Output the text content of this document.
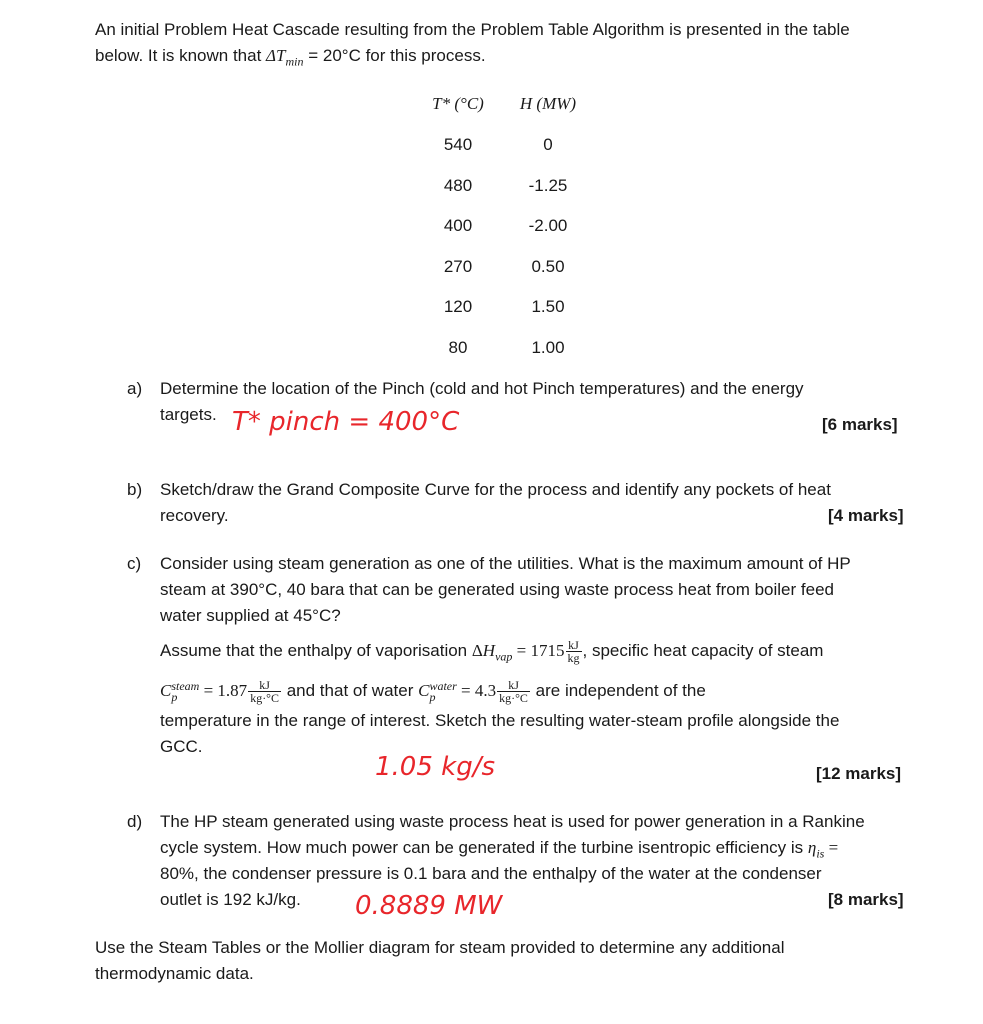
An initial Problem Heat Cascade resulting from the Problem Table Algorithm is presented in the table
below. It is known that $\Delta T_{min} = 20^\circ C$ for this process.
T* (°C)	H (MW)
540	0
480	-1.25
400	-2.00
270	0.50
120	1.50
80	1.00
a) Determine the location of the Pinch (cold and hot Pinch temperatures) and the energy
targets. T* pinch = 400°C	[6 marks]
b) Sketch/draw the Grand Composite Curve for the process and identify any pockets of heat
recovery.	[4 marks]
c) Consider using steam generation as one of the utilities. What is the maximum amount of HP
steam at 390°C, 40 bara that can be generated using waste process heat from boiler feed
water supplied at 45°C?
Assume that the enthalpy of vaporisation $\Delta H_{vap} = 1715 \frac{kJ}{kg}$ , specific heat capacity of steam
C steam
p	= $1.87 \frac{kJ}{kg\cdot^\circ C}$ and that of water C water
p	= $4.3 \frac{kJ}{kg\cdot^\circ C}$ are independent of the
temperature in the range of interest. Sketch the resulting water-steam profile alongside the
GCC.
1.05 kg/s	[12 marks]
d) The HP steam generated using waste process heat is used for power generation in a Rankine
cycle system. How much power can be generated if the turbine isentropic efficiency is $\eta_{is}$ =
80%, the condenser pressure is 0.1 bara and the enthalpy of the water at the condenser
outlet is 192 kJ/kg. 0.8889 MW	[8 marks]
Use the Steam Tables or the Mollier diagram for steam provided to determine any additional
thermodynamic data.
